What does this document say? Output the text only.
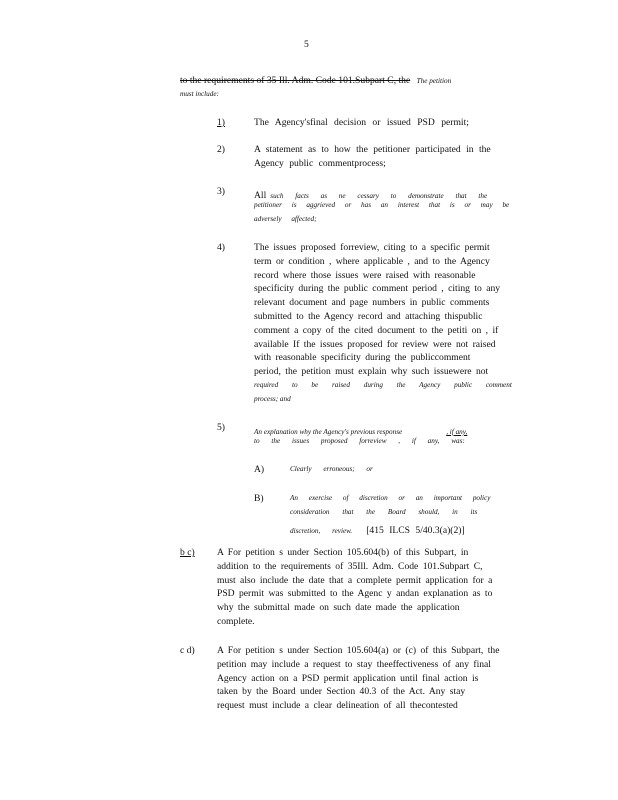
5
to the requirements of 35 Ill. Adm. Code 101.Subpart C, the The petition
must include:
1)	The Agency'sfinal decision or issued PSD permit;
2)	A statement as to how the petitioner participated in the
Agency public commentprocess;
3)	All such facts as ne cessary to demonstrate that the
petitioner is aggrieved or has an interest that is or may be
adversely affected;
4)	The issues proposed forreview, citing to a specific permit
term or condition , where applicable , and to the Agency
record where those issues were raised with reasonable
specificity during the public comment period , citing to any
relevant document and page numbers in public comments
submitted to the Agency record and attaching thispublic
comment a copy of the cited document to the petiti on , if
available If the issues proposed for review were not raised
with reasonable specificity during the publiccomment
period, the petition must explain why such issuewere not
required to be raised during the Agency public comment
process; and
5)	An explanation why the Agency's previous response	, if any,
to the issues proposed forreview , if any, was:
A)	Clearly erroneous; or
B)	An exercise of discretion or an important policy
consideration that the Board should, in its
discretion, review. [415 ILCS 5/40.3(a)(2)]
b c) A For petition s under Section 105.604(b) of this Subpart, in
addition to the requirements of 35Ill. Adm. Code 101.Subpart C,
must also include the date that a complete permit application for a
PSD permit was submitted to the Agenc y andan explanation as to
why the submittal made on such date made the application
complete.
c d) A For petition s under Section 105.604(a) or (c) of this Subpart, the
petition may include a request to stay theeffectiveness of any final
Agency action on a PSD permit application until final action is
taken by the Board under Section 40.3 of the Act. Any stay
request must include a clear delineation of all thecontested
